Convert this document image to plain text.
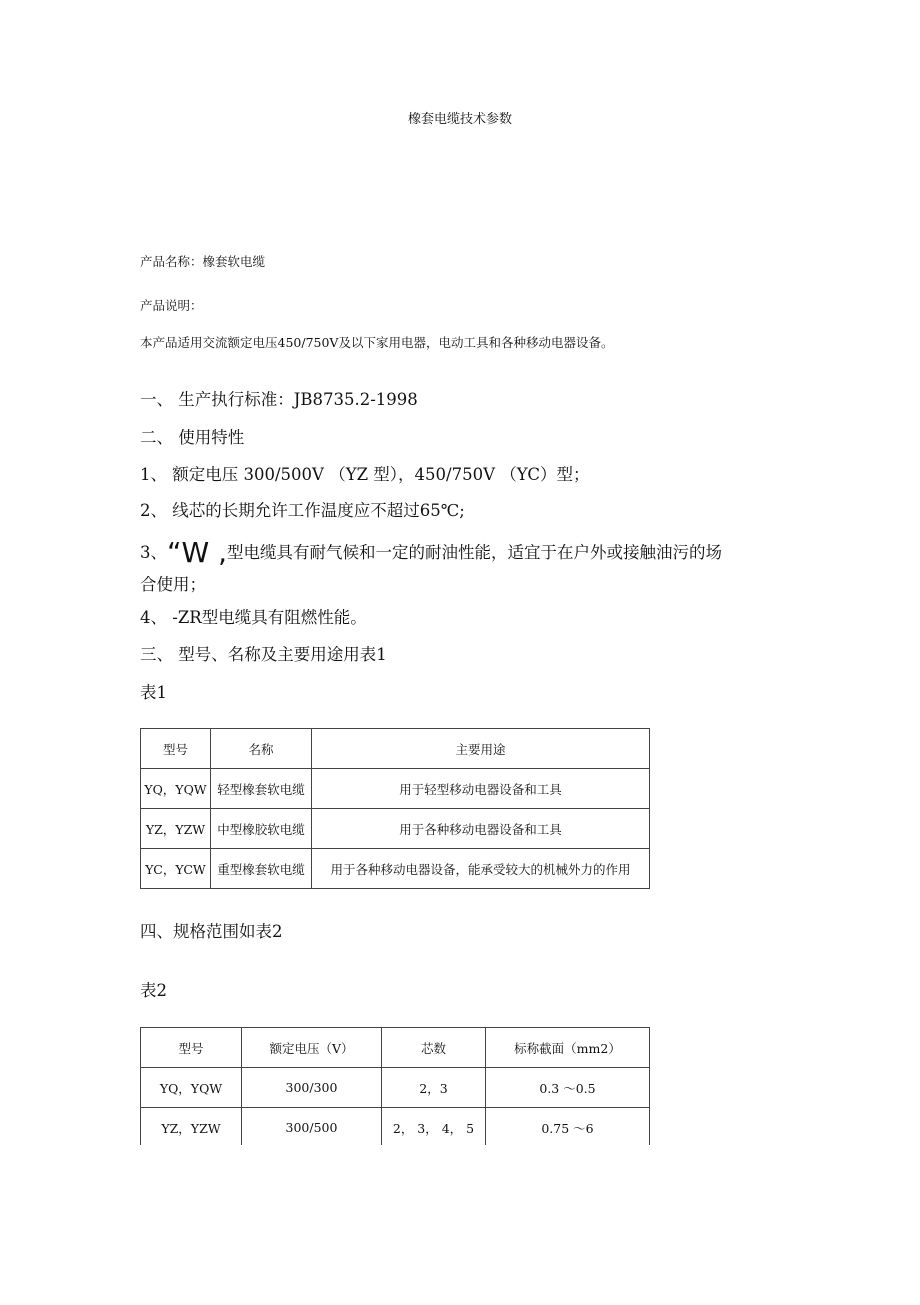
橡套电缆技术参数
产品名称：橡套软电缆
产品说明：
本产品适用交流额定电压450/750V及以下家用电器，电动工具和各种移动电器设备。
一、 生产执行标准：JB8735.2-1998
二、 使用特性
1、 额定电压 300/500V （YZ 型），450/750V （YC）型；
2、 线芯的长期允许工作温度应不超过65℃;
3、“W ,型电缆具有耐气候和一定的耐油性能，适宜于在户外或接触油污的场
合使用；
4、 -ZR型电缆具有阻燃性能。
三、 型号、名称及主要用途用表1
表1
型号	名称	主要用途
YQ，YQW	轻型橡套软电缆	用于轻型移动电器设备和工具
YZ，YZW	中型橡胶软电缆	用于各种移动电器设备和工具
YC，YCW	重型橡套软电缆	用于各种移动电器设备，能承受较大的机械外力的作用
四、规格范围如表2
表2
型号	额定电压（V）	芯数	标称截面（mm2）
YQ，YQW	300/300	2，3	0.3 〜0.5
YZ，YZW	300/500	2， 3， 4， 5	0.75 〜6
